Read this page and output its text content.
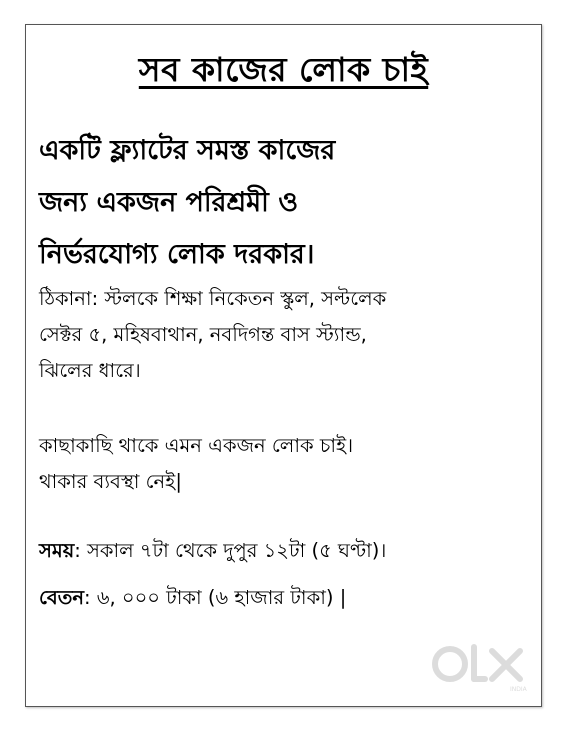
সব কাজের লোক চাই
একটি ফ্ল্যাটের সমস্ত কাজের
জন্য একজন পরিশ্রমী ও
নির্ভরযোগ্য লোক দরকার।
ঠিকানা: স্টলকে শিক্ষা নিকেতন স্কুল, সল্টলেক
সেক্টর ৫, মহিষবাথান, নবদিগন্ত বাস স্ট্যান্ড,
ঝিলের ধারে।
কাছাকাছি থাকে এমন একজন লোক চাই।
থাকার ব্যবস্থা নেই|
সময়: সকাল ৭টা থেকে দুপুর ১২টা (৫ ঘণ্টা)।
বেতন: ৬, ০০০ টাকা (৬ হাজার টাকা) |
INDIA
